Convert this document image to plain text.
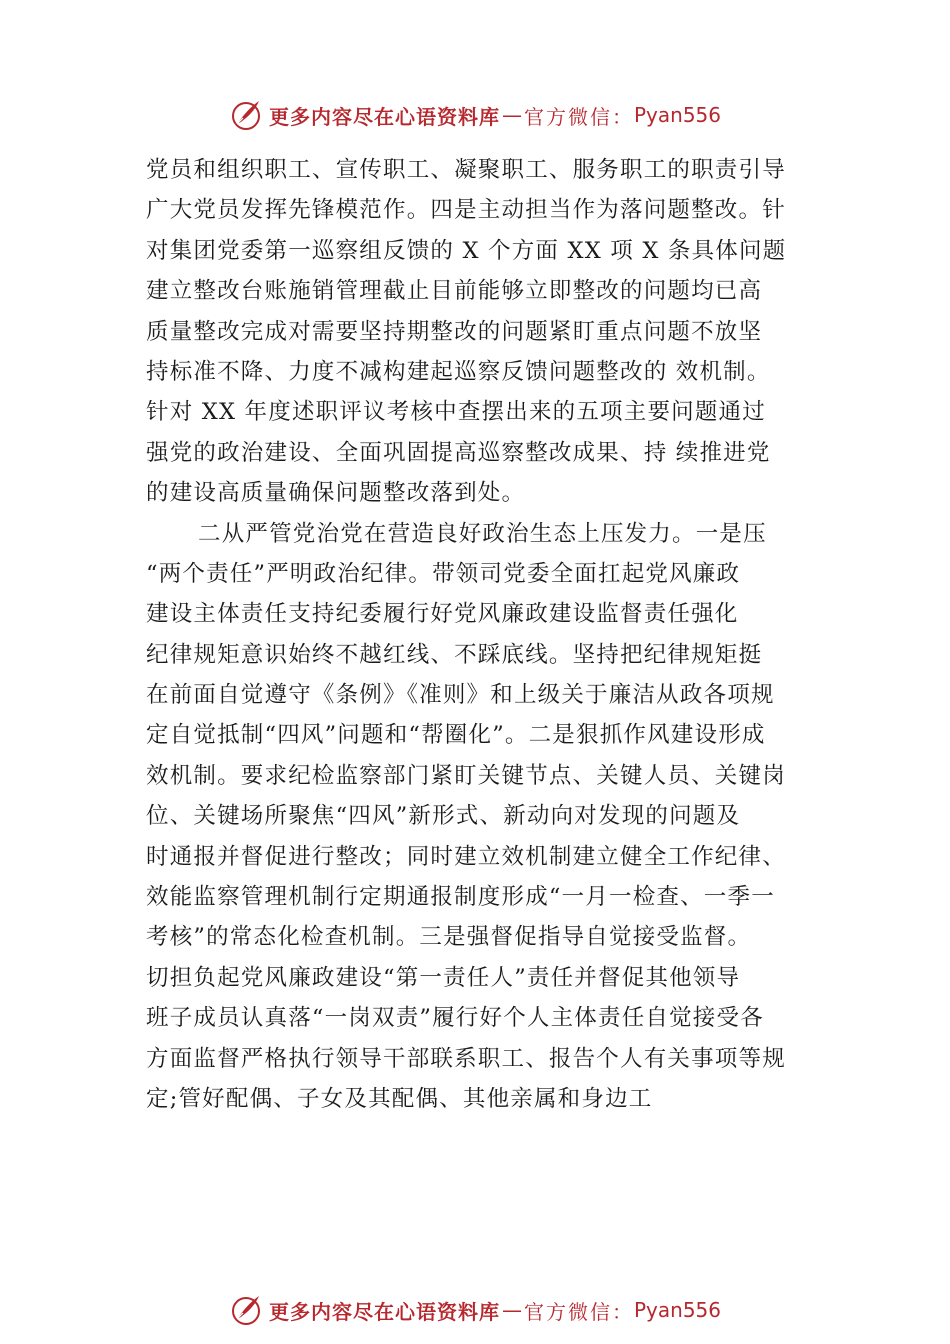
更多内容尽在心语资料库 — 官方微信： Pyan556
党员和组织职工、宣传职工、凝聚职工、服务职工的职责引导
广大党员发挥先锋模范作。四是主动担当作为落问题整改。针
对集团党委第一巡察组反馈的 X 个方面 XX 项 X 条具体问题
建立整改台账施销管理截止目前能够立即整改的问题均已高
质量整改完成对需要坚持期整改的问题紧盯重点问题不放坚
持标准不降、力度不减构建起巡察反馈问题整改的 效机制。
针对 XX 年度述职评议考核中查摆出来的五项主要问题通过
强党的政治建设、全面巩固提高巡察整改成果、持 续推进党
的建设高质量确保问题整改落到处。
二从严管党治党在营造良好政治生态上压发力。一是压
“两个责任”严明政治纪律。带领司党委全面扛起党风廉政
建设主体责任支持纪委履行好党风廉政建设监督责任强化
纪律规矩意识始终不越红线、不踩底线。坚持把纪律规矩挺
在前面自觉遵守《条例》《准则》和上级关于廉洁从政各项规
定自觉抵制“四风”问题和“帮圈化”。二是狠抓作风建设形成
效机制。要求纪检监察部门紧盯关键节点、关键人员、关键岗
位、关键场所聚焦“四风”新形式、新动向对发现的问题及
时通报并督促进行整改；同时建立效机制建立健全工作纪律、
效能监察管理机制行定期通报制度形成“一月一检查、一季一
考核”的常态化检查机制。三是强督促指导自觉接受监督。
切担负起党风廉政建设“第一责任人”责任并督促其他领导
班子成员认真落“一岗双责”履行好个人主体责任自觉接受各
方面监督严格执行领导干部联系职工、报告个人有关事项等规
定;管好配偶、子女及其配偶、其他亲属和身边工
更多内容尽在心语资料库 — 官方微信： Pyan556
